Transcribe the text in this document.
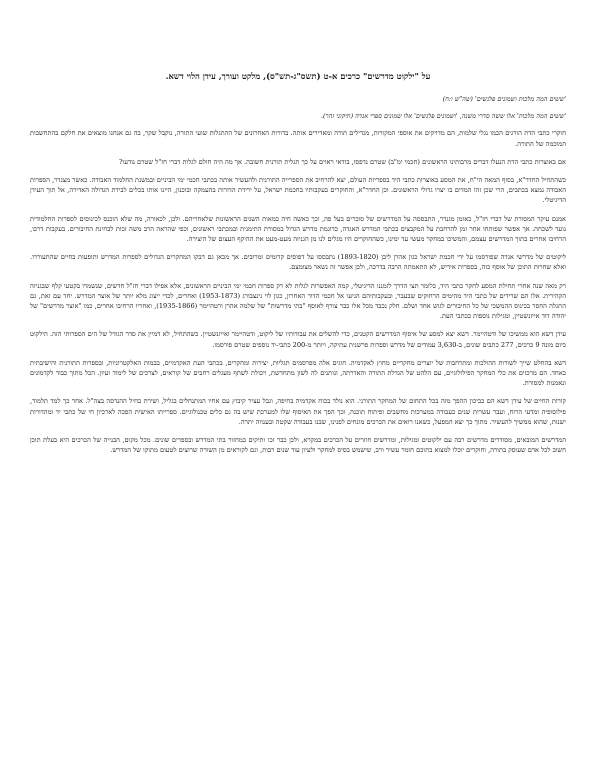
על "ילקוט מדרשים" כרכים א-ט (תשס"ג-תש"ס), מלקט ועורך, עידן הלוי דשא.
'ששים המה מלכות ושמונים פלגשים' (שה"ש ו:ח)
'ששים המה מלכות' אלו ששה סדרי משנה, 'ושמונים פלגשים' אלו שמונים ספרי אגדה (תיקוני זהר).

חוקרי כתבי הדת הורגים הכמו נגלי שלמות, הם מדויקים את אוספי המקורות, מגדילים תורה ומאדירים אותה. בדורות האחרונים של ההתגלות שועי התורה, נוקבל שקר, בה גם אנחנו מוצאים את חלקם בהתחשבות המוכמה של התורה.

אם באוצרות כתבי הדת הנעלו דברים מרבותינו הראשונים (חכמי ימ"ב) שטרם נדפסו, בודאי ראוים על כך תגלית תורנית חשובה. אך מה היה חולם לגלות דברי חז"ל שטרם נודעו?

כשהתחיל החדר"א, בסוף המאה הי"ח, את המסע באוצרות כתבי היד בספריות העולם, יצא להרחיב את הספרייה התורנית ולהעשיר אותה בכתבי חכמי ימי הביניים ובמשנת החלמוד האבודה. כאשר מצגדר, הספרות האבודה נמצא בכתבים, הרי שכן זהו המדים בו יצרו גדולי הראשונים. וכן החדר"א, והחוקרים בעקבותיו בחכמת ישראל, על ירידת הדורות בהעמקה ובוכנון, היינו אותו בכלים לבידת הגדולה האדירה, אל תוך העידן הדיגיטלי.

אמנם עיקר המסורת של דברי חז"ל, כאומן מגנדר, התבססה על המדרשים של סוכרים בעל פה, וכך כאשה חיה כמאות השנים הראשונות שלאחריהם. ולכן, לכאורה, מה שלא הוכנס לכינוסים לספרות החלמודית נועד לשכחה. אך אפשר שפותחו אחר זמן להרחבת על המקבצים בכתבי המדרש האגדה, כדוגמת מדרש הגדול במסורת התימנית ובמכתבי ראשונים, וכפי שהראה הרב משה זכות לבחינת החיבורים. בעקבות דרכו, הרחיבו אחרים בתוך המדרשים עצמם, והמשיכו במחקר מעשי עד ימינו, כשהחוקרים היו מגלים לנו מן הגניזה מעט-מעט את ההיקף העצום של היצירה.

ליקוטים של מדרשי אגדה שפורסמו על ידי חכמת ישראל כגון אהרן ליבן (1893-1820) נתבססו על דפוסים קדומים ומרובים. אך מכאן גם דבקו המחקרים הגדולים לספרות המדרש ותופעות בחיים שהתעוררו. ואלא שחרות התוכן של אוסף כזה, בספרות אידיש, לא התאמתה הרבה בדרכה, ולכן אפשר זה נשאר מצומצם.

רק מאה שנה אחרי תחילת המסע לחקר כתבי היד, כלומר תצי הדרך לזמננו הדיגיטלי, קמה האפשרות לגלות לא רק ספרות חכמי ימי הביניים הראשונים, אלא אפילו דברי חז"ל חדשים, שנשמרו בקטעי קלף שבגניזה הקהירית. אלו הם שרידים של כתבי היד מהימים הרחוקים שבעבר, ובעקבותיהם הגיעו אל חכמי הדור האחרון, כגון לוי גינצבורג (1953-1873) ואחרים, לכדי ייצוג מלא יותר של אוצר המדרש. יחד עם זאת, גם התגלה החסר בכינוס ההמשכי של כל החיבורים לגוש אחד ושלם. חלק נכבד מכל אלו כבר צורף לאוסף "בתי מדרשות" של שלמה אהרן ורטהיימר (1935-1866), ואחריו הרחיבו אחרים, כמו "אוצר מדרשים" של יהודה דוד אייזנשטיין, ומגילות נוספות בכתבי העת.

עידן דשא הוא ממשיכו של ודטהיימר. דשא יצא למסע של איסוף המדרשים הקטנים, כדי להשלים את עבודותיו של ליקוט, ודטהיימר ואייזנשטיין. כשהתחיל, לא דמיין את סדר הגודל של הים הספרותי הזה. הילקוט כיום מונה 9 כרכים, 277 כתבים שונים, ב-3,630 עמודים של מדרש וספרות פרשנית עתיקה, ויותר מ-200 כתבי-יד נוספים שטרם פורסמו.

דשא בהחלט שייך לשורות ההולכות ומתרחבות של יוצרים מחקריים מחוץ לאקדמיה. חוגים אלה מפרסמים תגליות, יצירות ומחקרים, בכתבי העת האקדמיים, בבמות האלקטרוניות, ובספרות התורנית והישיבתית כאחד. הם מרכזים את כלי המחקר הפילולוגיים, עם הלהט של הגדלת התורה והאדרתה, ונותנים לה לשון מתחדשת, ויכולת לשתף מעגלים רחבים של קוראים, לצרכים של לימוד ועיון. הכל מתוך כבוד לקדמונים ונאמנות למסורת.

קורות החיים של עידן דשא הם כביכון ההפך מזה בכל התחום של המחקר התורני. הוא נולד בכוח אקדמיה בחיפה, וגבל עציר קיבוץ עם אחיו המתנחלים בגליל, ושירת בחיל ההנדסה בצה"ל. אחר כך למד תלמוד, פילוסופיה ומדעי הרוח, ועבר עשרות שנים בעבודה במערכות מחשבים ופיתוח תוכנה, וכך הפך את האיסוף שלו למערכת שיש בה גם כלים טכנולוגיים. ספרייתו האישית הפכה לארכיון חי של כתבי יד ומהדורות ישנות, שהוא ממשיך להעשיר. מתוך כך יצא המפעל, כשאנו רואים את הכרכים מונחים לפנינו, שבנו בעבודה שקטה ובענווה יתרה.

המדרשים המובאים, מסודרים מדרשים רבה עם ילקוטים ומגילות, ומדרשים חוזרים על הכרכים במקרא, ולכן כבר זכו ותיקים במחזור בתי המדרש ובספרים שונים. מכל מקום, הבנייה של הכרכים היא בעלת תוכן חשוב לכל אדם שעוסק בתורה, וחוקרים יוכלו למצוא בתוכם חומר עשיר ורב, שישמש בסיס למחקר ולעיון עוד שנים רבות, וגם לקוראים מן השורה שרוצים לטעום מתוקו של המדרש.
